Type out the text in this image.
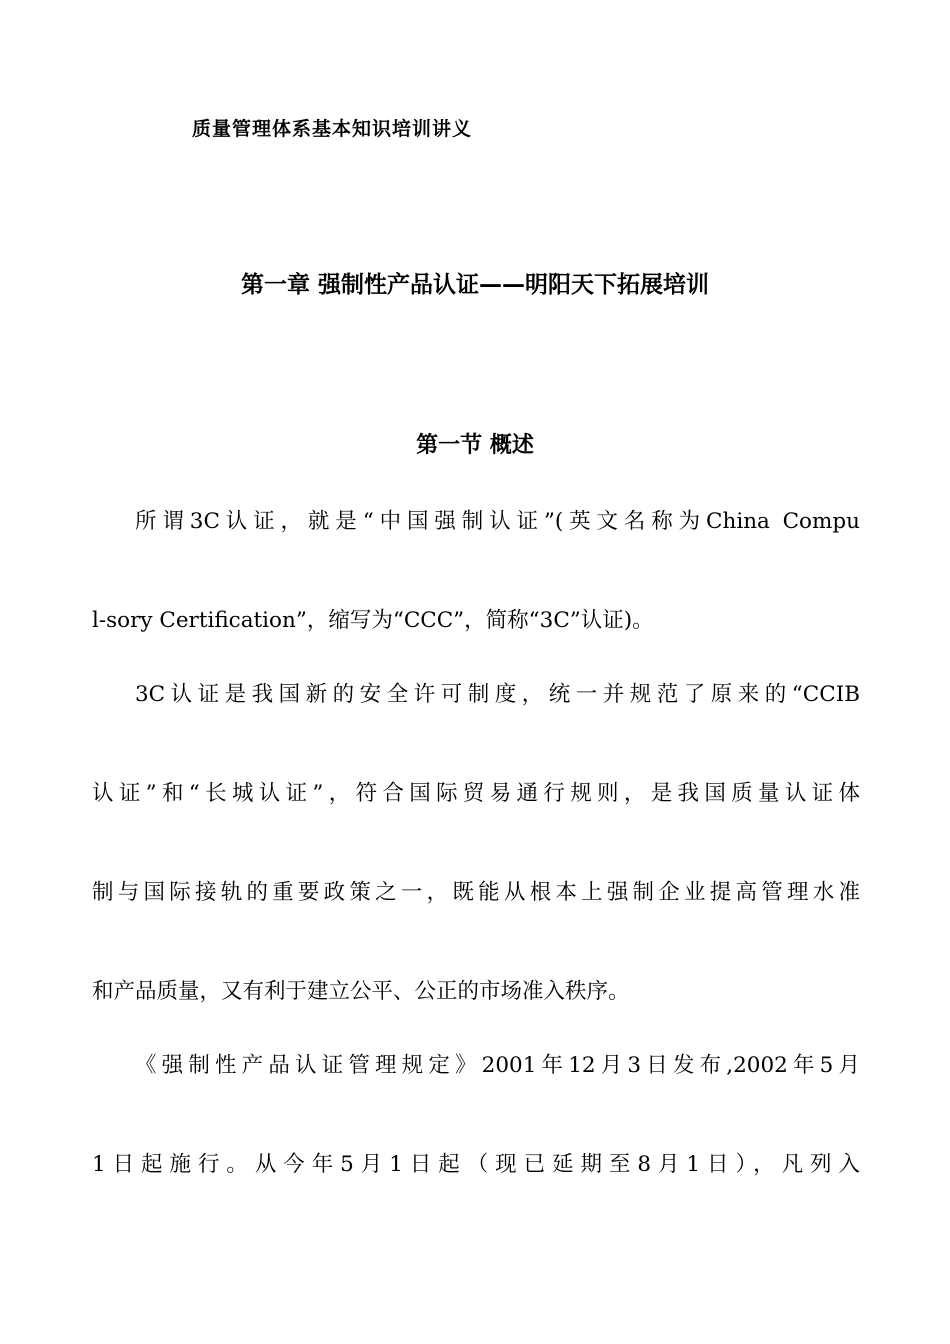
质量管理体系基本知识培训讲义
第一章 强制性产品认证——明阳天下拓展培训
第一节 概述

所谓3C认证，就是“中国强制认证”(英文名称为China Compu
l-sory Certification”，缩写为“CCC”，简称“3C”认证)。

3C认证是我国新的安全许可制度，统一并规范了原来的“CCIB
认证”和“长城认证”，符合国际贸易通行规则，是我国质量认证体
制与国际接轨的重要政策之一，既能从根本上强制企业提高管理水准
和产品质量，又有利于建立公平、公正的市场准入秩序。

《强制性产品认证管理规定》2001年12月3日发布,2002年5月
1日起施行。从今年5月1日起（现已延期至8月1日），凡列入
